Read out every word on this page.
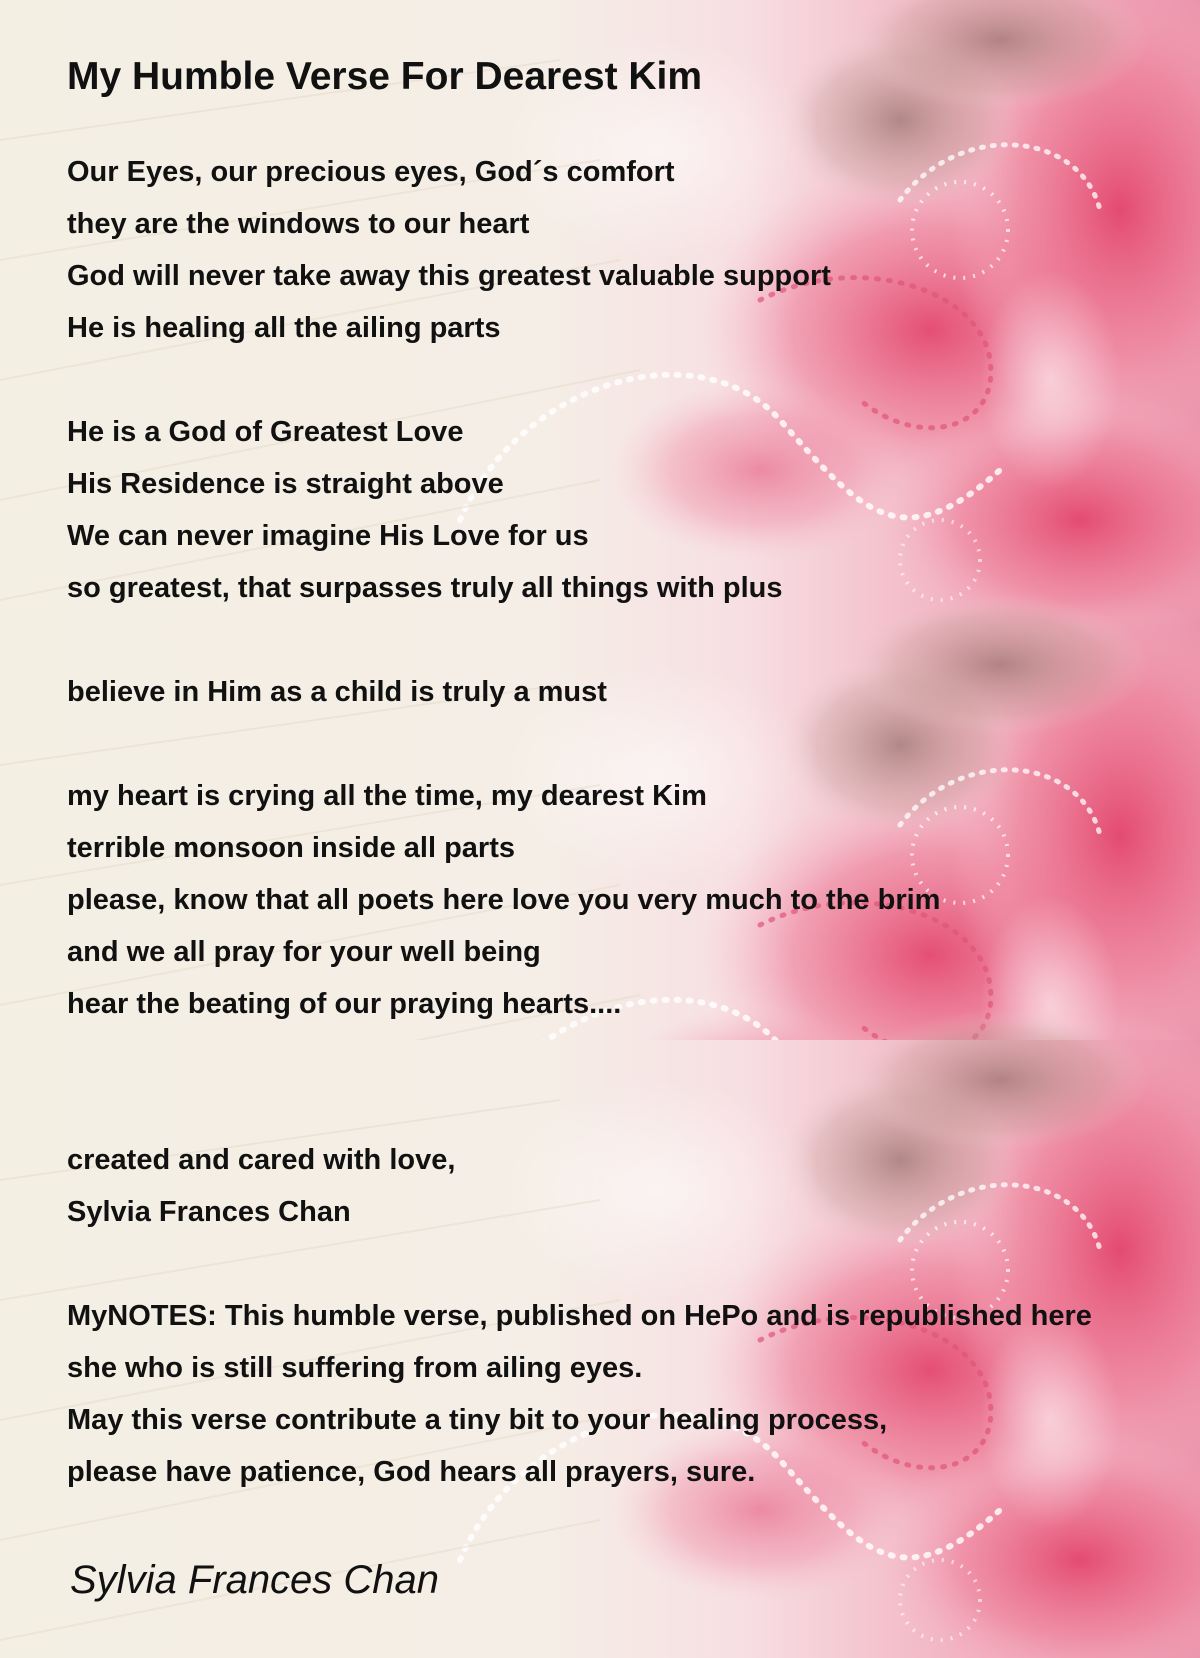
My Humble Verse For Dearest Kim
Our Eyes, our precious eyes, God´s comfort
they are the windows to our heart
God will never take away this greatest valuable support
He is healing all the ailing parts
He is a God of Greatest Love
His Residence is straight above
We can never imagine His Love for us
so greatest, that surpasses truly all things with plus
believe in Him as a child is truly a must
my heart is crying all the time, my dearest Kim
terrible monsoon inside all parts
please, know that all poets here love you very much to the brim
and we all pray for your well being
hear the beating of our praying hearts....
created and cared with love,
Sylvia Frances Chan
MyNOTES: This humble verse, published on HePo and is republished here
she who is still suffering from ailing eyes.
May this verse contribute a tiny bit to your healing process,
please have patience, God hears all prayers, sure.
Sylvia Frances Chan
